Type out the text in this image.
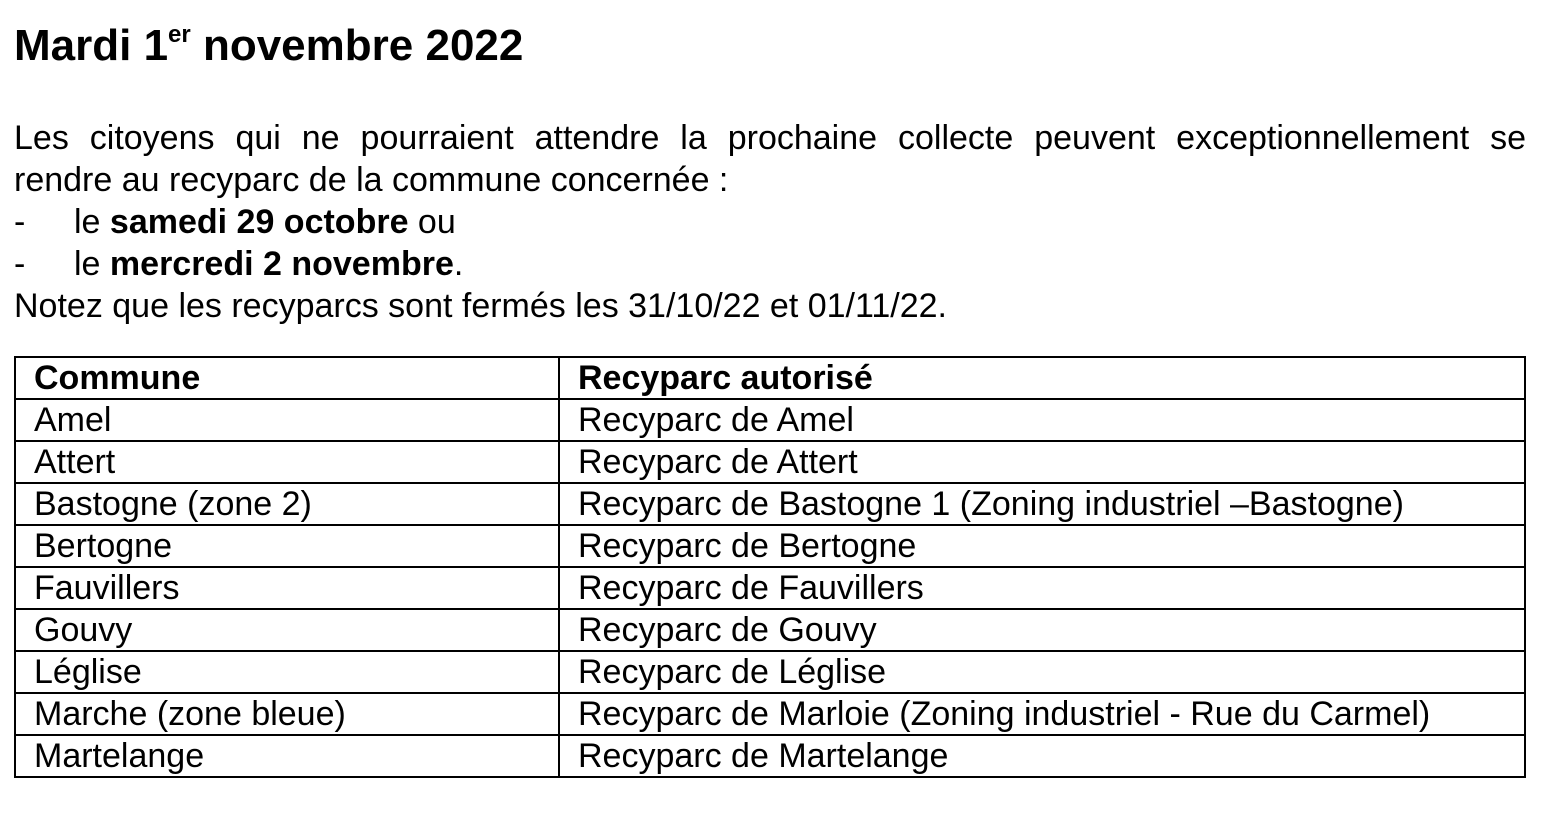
Mardi 1er novembre 2022

Les citoyens qui ne pourraient attendre la prochaine collecte peuvent exceptionnellement se

rendre au recyparc de la commune concernée :

-	le samedi 29 octobre ou
-	le mercredi 2 novembre.

Notez que les recyparcs sont fermés les 31/10/22 et 01/11/22.

Commune	Recyparc autorisé
Amel	Recyparc de Amel
Attert	Recyparc de Attert
Bastogne (zone 2)	Recyparc de Bastogne 1 (Zoning industriel –Bastogne)
Bertogne	Recyparc de Bertogne
Fauvillers	Recyparc de Fauvillers
Gouvy	Recyparc de Gouvy
Léglise	Recyparc de Léglise
Marche (zone bleue)	Recyparc de Marloie (Zoning industriel - Rue du Carmel)
Martelange	Recyparc de Martelange
